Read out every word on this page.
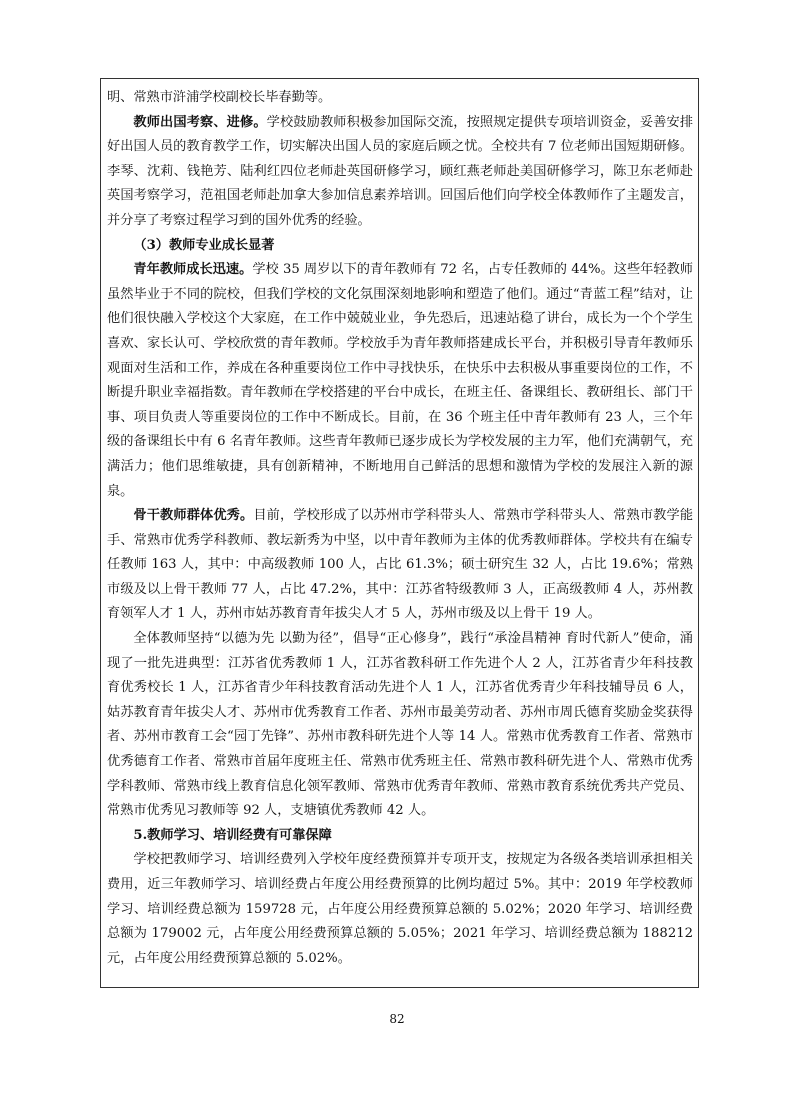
明、常熟市浒浦学校副校长毕春勤等。

教师出国考察、进修。学校鼓励教师积极参加国际交流，按照规定提供专项培训资金，妥善安排好出国人员的教育教学工作，切实解决出国人员的家庭后顾之忧。全校共有 7 位老师出国短期研修。李琴、沈莉、钱艳芳、陆利红四位老师赴英国研修学习，顾红燕老师赴美国研修学习，陈卫东老师赴英国考察学习，范祖国老师赴加拿大参加信息素养培训。回国后他们向学校全体教师作了主题发言，并分享了考察过程学习到的国外优秀的经验。

（3）教师专业成长显著

青年教师成长迅速。学校 35 周岁以下的青年教师有 72 名，占专任教师的 44%。这些年轻教师虽然毕业于不同的院校，但我们学校的文化氛围深刻地影响和塑造了他们。通过“青蓝工程”结对，让他们很快融入学校这个大家庭，在工作中兢兢业业，争先恐后，迅速站稳了讲台，成长为一个个学生喜欢、家长认可、学校欣赏的青年教师。学校放手为青年教师搭建成长平台，并积极引导青年教师乐观面对生活和工作，养成在各种重要岗位工作中寻找快乐，在快乐中去积极从事重要岗位的工作，不断提升职业幸福指数。青年教师在学校搭建的平台中成长，在班主任、备课组长、教研组长、部门干事、项目负责人等重要岗位的工作中不断成长。目前，在 36 个班主任中青年教师有 23 人，三个年级的备课组长中有 6 名青年教师。这些青年教师已逐步成长为学校发展的主力军，他们充满朝气，充满活力；他们思维敏捷，具有创新精神，不断地用自己鲜活的思想和激情为学校的发展注入新的源泉。

骨干教师群体优秀。目前，学校形成了以苏州市学科带头人、常熟市学科带头人、常熟市教学能手、常熟市优秀学科教师、教坛新秀为中坚，以中青年教师为主体的优秀教师群体。学校共有在编专任教师 163 人，其中：中高级教师 100 人，占比 61.3%；硕士研究生 32 人，占比 19.6%；常熟市级及以上骨干教师 77 人，占比 47.2%，其中：江苏省特级教师 3 人，正高级教师 4 人，苏州教育领军人才 1 人，苏州市姑苏教育青年拔尖人才 5 人，苏州市级及以上骨干 19 人。

全体教师坚持“以德为先 以勤为径”，倡导“正心修身”，践行“承淦昌精神 育时代新人”使命，涌现了一批先进典型：江苏省优秀教师 1 人，江苏省教科研工作先进个人 2 人，江苏省青少年科技教育优秀校长 1 人，江苏省青少年科技教育活动先进个人 1 人，江苏省优秀青少年科技辅导员 6 人，姑苏教育青年拔尖人才、苏州市优秀教育工作者、苏州市最美劳动者、苏州市周氏德育奖励金奖获得者、苏州市教育工会“园丁先锋”、苏州市教科研先进个人等 14 人。常熟市优秀教育工作者、常熟市优秀德育工作者、常熟市首届年度班主任、常熟市优秀班主任、常熟市教科研先进个人、常熟市优秀学科教师、常熟市线上教育信息化领军教师、常熟市优秀青年教师、常熟市教育系统优秀共产党员、常熟市优秀见习教师等 92 人，支塘镇优秀教师 42 人。

5.教师学习、培训经费有可靠保障

学校把教师学习、培训经费列入学校年度经费预算并专项开支，按规定为各级各类培训承担相关费用，近三年教师学习、培训经费占年度公用经费预算的比例均超过 5%。其中：2019 年学校教师学习、培训经费总额为 159728 元，占年度公用经费预算总额的 5.02%；2020 年学习、培训经费总额为 179002 元，占年度公用经费预算总额的 5.05%；2021 年学习、培训经费总额为 188212 元，占年度公用经费预算总额的 5.02%。

82
